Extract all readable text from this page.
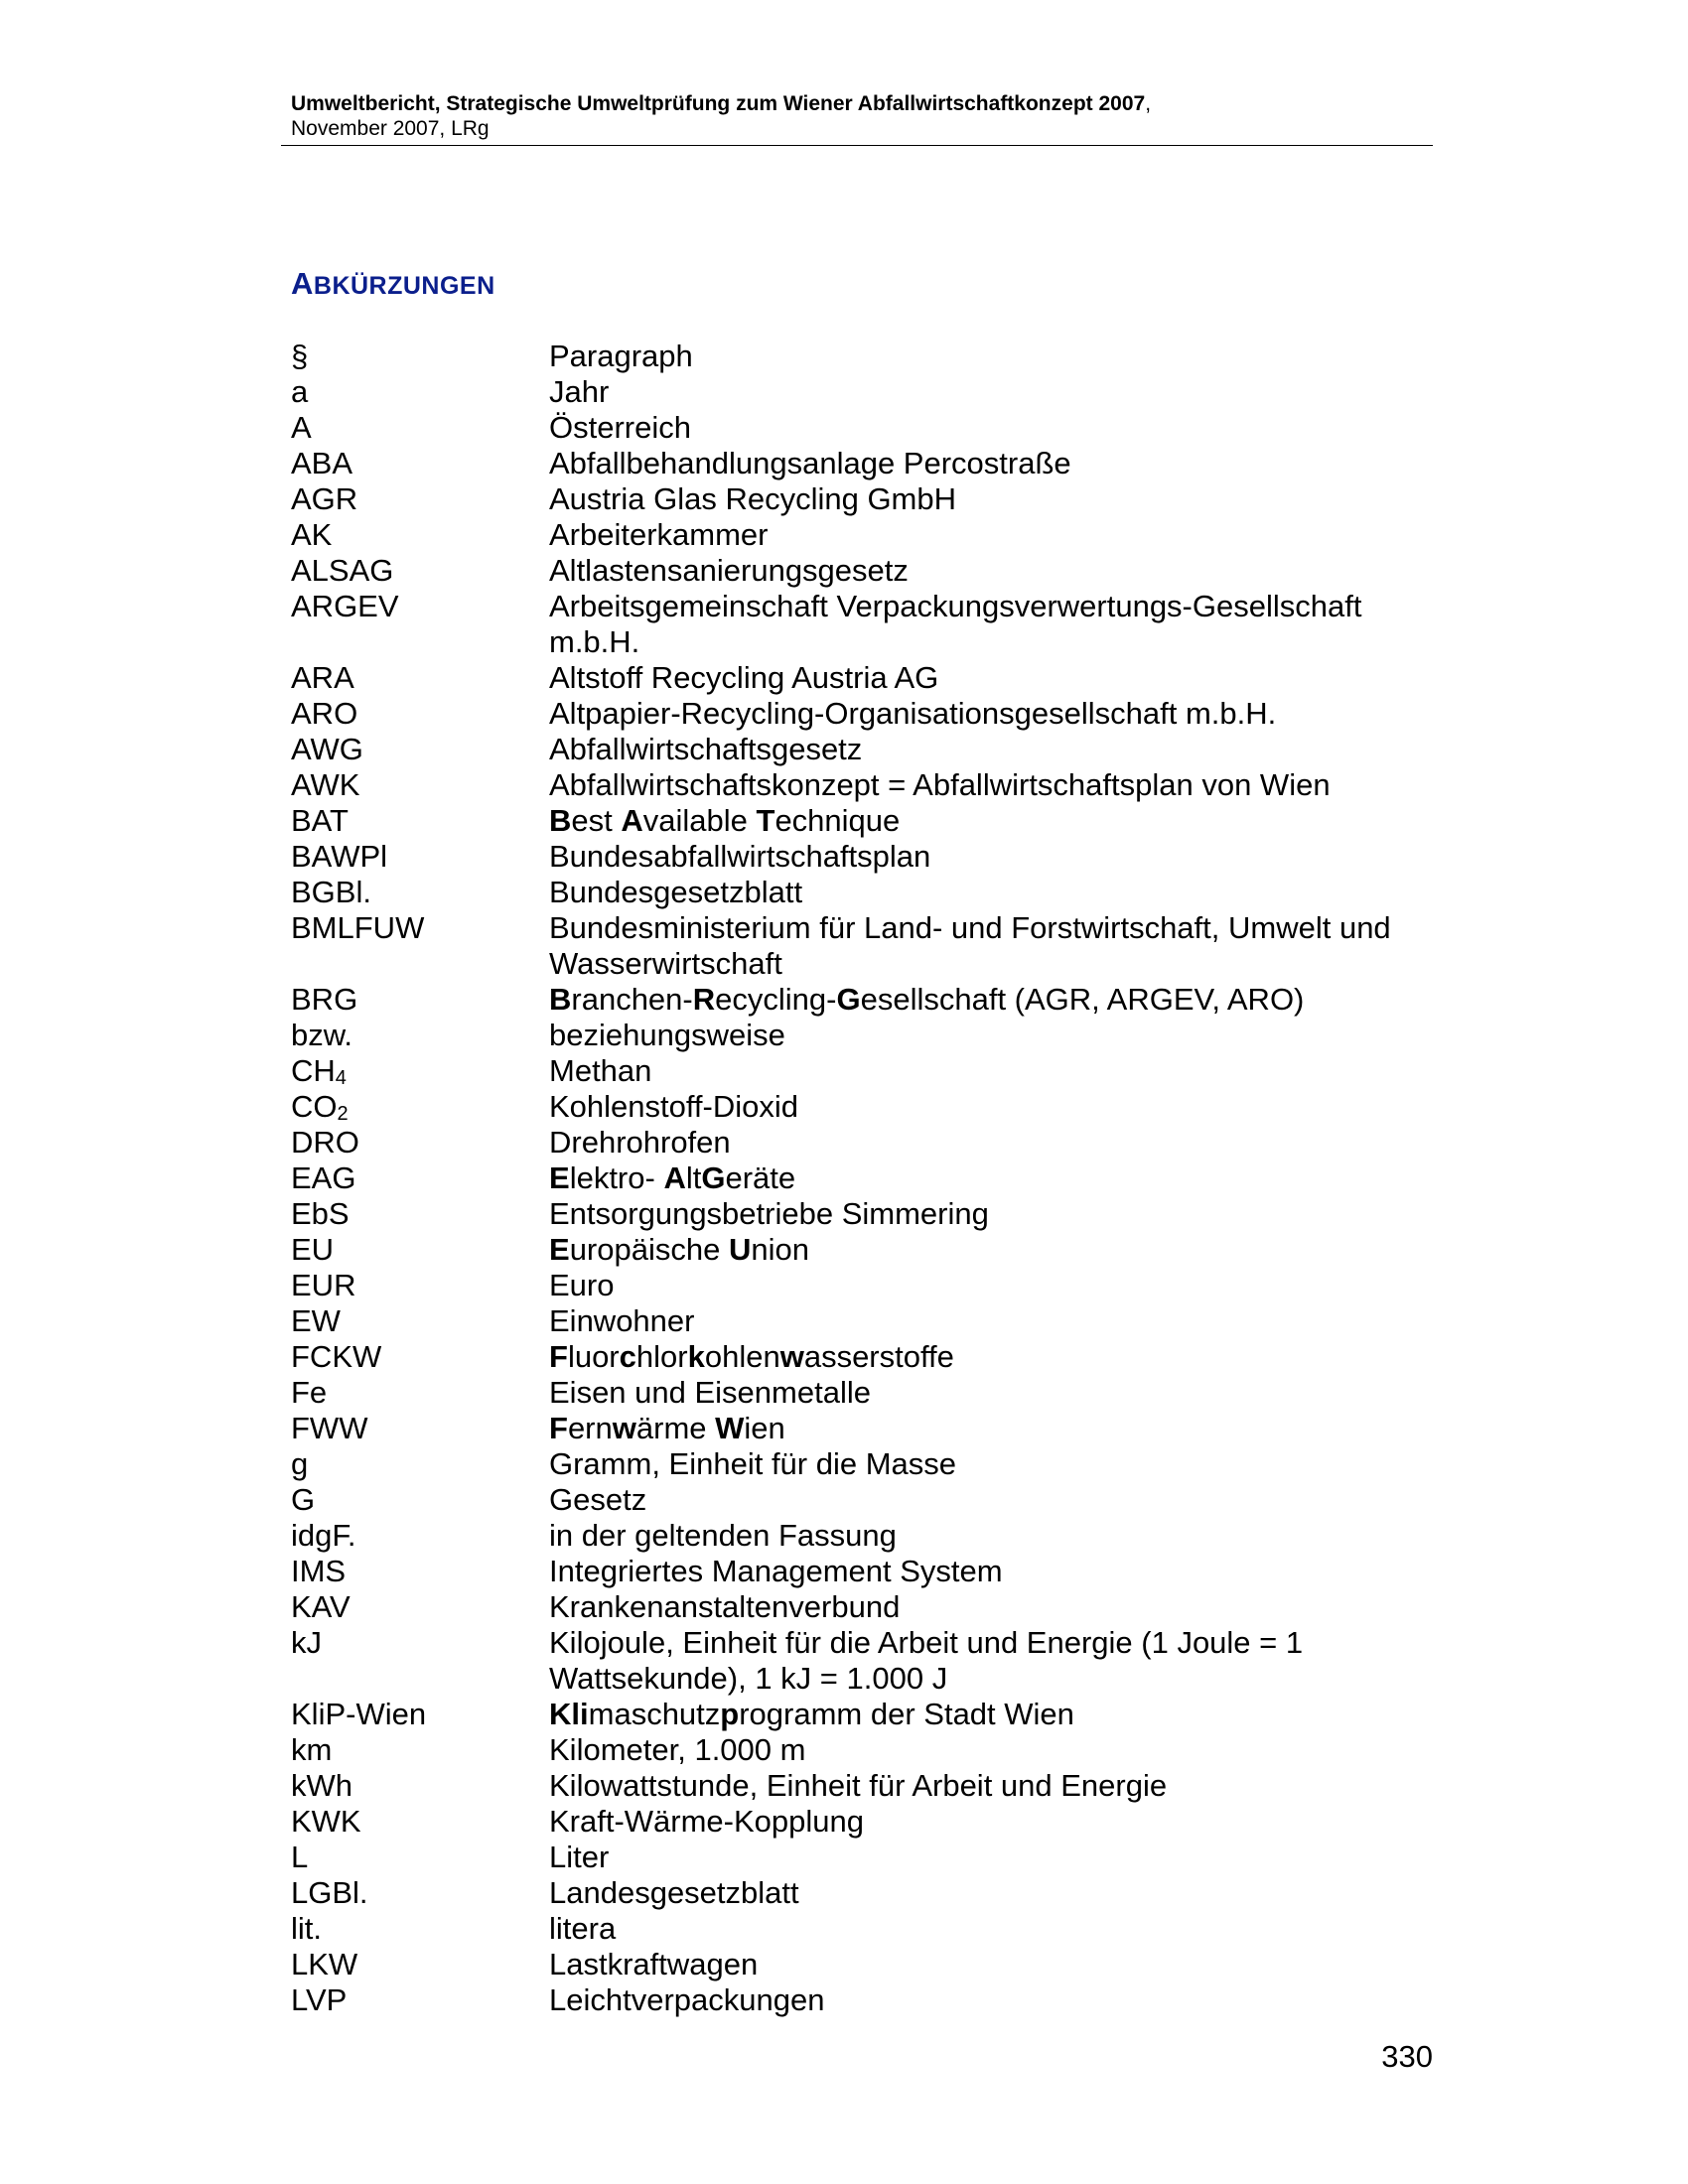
Umweltbericht, Strategische Umweltprüfung zum Wiener Abfallwirtschaftkonzept 2007,
November 2007, LRg
ABKÜRZUNGEN
§	Paragraph
a	Jahr
A	Österreich
ABA	Abfallbehandlungsanlage Percostraße
AGR	Austria Glas Recycling GmbH
AK	Arbeiterkammer
ALSAG	Altlastensanierungsgesetz
ARGEV	Arbeitsgemeinschaft Verpackungsverwertungs-Gesellschaft m.b.H.
ARA	Altstoff Recycling Austria AG
ARO	Altpapier-Recycling-Organisationsgesellschaft m.b.H.
AWG	Abfallwirtschaftsgesetz
AWK	Abfallwirtschaftskonzept = Abfallwirtschaftsplan von Wien
BAT	Best Available Technique
BAWPl	Bundesabfallwirtschaftsplan
BGBl.	Bundesgesetzblatt
BMLFUW	Bundesministerium für Land- und Forstwirtschaft, Umwelt und Wasserwirtschaft
BRG	Branchen-Recycling-Gesellschaft (AGR, ARGEV, ARO)
bzw.	beziehungsweise
$CH_4$	Methan
$CO_2$	Kohlenstoff-Dioxid
DRO	Drehrohrofen
EAG	Elektro- AltGeräte
EbS	Entsorgungsbetriebe Simmering
EU	Europäische Union
EUR	Euro
EW	Einwohner
FCKW	Fluorchlorkohlenwasserstoffe
Fe	Eisen und Eisenmetalle
FWW	Fernwärme Wien
g	Gramm, Einheit für die Masse
G	Gesetz
idgF.	in der geltenden Fassung
IMS	Integriertes Management System
KAV	Krankenanstaltenverbund
kJ	Kilojoule, Einheit für die Arbeit und Energie (1 Joule = 1 Wattsekunde), 1 kJ = 1.000 J
KliP-Wien	Klimaschutzprogramm der Stadt Wien
km	Kilometer, 1.000 m
kWh	Kilowattstunde, Einheit für Arbeit und Energie
KWK	Kraft-Wärme-Kopplung
L	Liter
LGBl.	Landesgesetzblatt
lit.	litera
LKW	Lastkraftwagen
LVP	Leichtverpackungen
330
